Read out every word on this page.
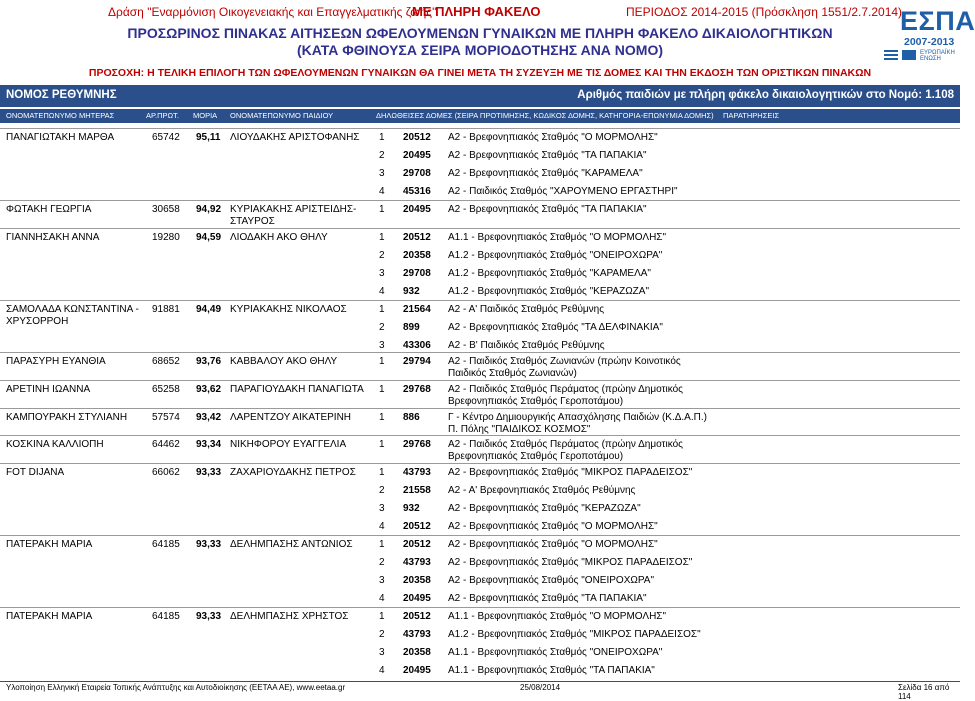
Δράση "Εναρμόνιση Οικογενειακής και Επαγγελματικής ζωής"
ΜΕ ΠΛΗΡΗ ΦΑΚΕΛΟ	ΠΕΡΙΟΔΟΣ 2014-2015 (Πρόσκληση 1551/2.7.2014)
ΠΡΟΣΩΡΙΝΟΣ ΠΙΝΑΚΑΣ ΑΙΤΗΣΕΩΝ ΩΦΕΛΟΥΜΕΝΩΝ ΓΥΝΑΙΚΩΝ ΜΕ ΠΛΗΡΗ ΦΑΚΕΛΟ ΔΙΚΑΙΟΛΟΓΗΤΙΚΩΝ
(ΚΑΤΑ ΦΘΙΝΟΥΣΑ ΣΕΙΡΑ ΜΟΡΙΟΔΟΤΗΣΗΣ ΑΝΑ ΝΟΜΟ)
ΠΡΟΣΟΧΗ: Η ΤΕΛΙΚΗ ΕΠΙΛΟΓΗ ΤΩΝ ΩΦΕΛΟΥΜΕΝΩΝ ΓΥΝΑΙΚΩΝ ΘΑ ΓΙΝΕΙ ΜΕΤΑ ΤΗ ΣΥΖΕΥΞΗ ΜΕ ΤΙΣ ΔΟΜΕΣ ΚΑΙ ΤΗΝ ΕΚΔΟΣΗ ΤΩΝ ΟΡΙΣΤΙΚΩΝ ΠΙΝΑΚΩΝ
ΕΣΠΑ
2007-2013
ΕΥΡΩΠΑΪΚΗ ΕΝΩΣΗ
ΝΟΜΟΣ ΡΕΘΥΜΝΗΣ	Αριθμός παιδιών με πλήρη φάκελο δικαιολογητικών στο Νομό: 1.108
ΟΝΟΜΑΤΕΠΩΝΥΜΟ ΜΗΤΕΡΑΣ	ΑΡ.ΠΡΩΤ. ΜΟΡΙΑ ΟΝΟΜΑΤΕΠΩΝΥΜΟ ΠΑΙΔΙΟΥ	ΔΗΛΩΘΕΙΣΕΣ ΔΟΜΕΣ (ΣΕΙΡΑ ΠΡΟΤΙΜΗΣΗΣ, ΚΩΔΙΚΟΣ ΔΟΜΗΣ, ΚΑΤΗΓΟΡΙΑ-ΕΠΩΝΥΜΙΑ ΔΟΜΗΣ) ΠΑΡΑΤΗΡΗΣΕΙΣ
ΠΑΝΑΓΙΩΤΑΚΗ ΜΑΡΘΑ	65742 95,11 ΛΙΟΥΔΑΚΗΣ ΑΡΙΣΤΟΦΑΝΗΣ	1 20512 Α2 - Βρεφονηπιακός Σταθμός "Ο ΜΟΡΜΟΛΗΣ"
2 20495 Α2 - Βρεφονηπιακός Σταθμός "ΤΑ ΠΑΠΑΚΙΑ"
3 29708 Α2 - Βρεφονηπιακός Σταθμός "ΚΑΡΑΜΕΛΑ"
4 45316 Α2 - Παιδικός Σταθμός "ΧΑΡΟΥΜΕΝΟ ΕΡΓΑΣΤΗΡΙ"
ΦΩΤΑΚΗ ΓΕΩΡΓΙΑ	30658 94,92 ΚΥΡΙΑΚΑΚΗΣ ΑΡΙΣΤΕΙΔΗΣ-ΣΤΑΥΡΟΣ
1 20495 Α2 - Βρεφονηπιακός Σταθμός "ΤΑ ΠΑΠΑΚΙΑ"
ΓΙΑΝΝΗΣΑΚΗ ΑΝΝΑ	19280 94,59 ΛΙΟΔΑΚΗ ΑΚΟ ΘΗΛΥ	1 20512 Α1.1 - Βρεφονηπιακός Σταθμός "Ο ΜΟΡΜΟΛΗΣ"
2 20358 Α1.2 - Βρεφονηπιακός Σταθμός "ΟΝΕΙΡΟΧΩΡΑ"
3 29708 Α1.2 - Βρεφονηπιακός Σταθμός "ΚΑΡΑΜΕΛΑ"
4 932	Α1.2 - Βρεφονηπιακός Σταθμός "ΚΕΡΑΖΩΖΑ"
ΣΑΜΟΛΑΔΑ ΚΩΝΣΤΑΝΤΙΝΑ - ΧΡΥΣΟΡΡΟΗ
91881 94,49 ΚΥΡΙΑΚΑΚΗΣ ΝΙΚΟΛΑΟΣ	1 21564 Α2 - Α' Παιδικός Σταθμός Ρεθύμνης
2 899	Α2 - Βρεφονηπιακός Σταθμός "ΤΑ ΔΕΛΦΙΝΑΚΙΑ"
3 43306 Α2 - Β' Παιδικός Σταθμός Ρεθύμνης
ΠΑΡΑΣΥΡΗ ΕΥΑΝΘΙΑ	68652 93,76 ΚΑΒΒΑΛΟΥ ΑΚΟ ΘΗΛΥ	1 29794 Α2 - Παιδικός Σταθμός Ζωνιανών (πρώην Κοινοτικός Παιδικός Σταθμός Ζωνιανών)
ΑΡΕΤΙΝΗ ΙΩΑΝΝΑ	65258 93,62 ΠΑΡΑΓΙΟΥΔΑΚΗ ΠΑΝΑΓΙΩΤΑ	1 29768 Α2 - Παιδικός Σταθμός Περάματος (πρώην Δημοτικός Βρεφονηπιακός Σταθμός Γεροποτάμου)
ΚΑΜΠΟΥΡΑΚΗ ΣΤΥΛΙΑΝΗ	57574 93,42 ΛΑΡΕΝΤΖΟΥ ΑΙΚΑΤΕΡΙΝΗ	1 886	Γ - Κέντρο Δημιουργικής Απασχόλησης Παιδιών (Κ.Δ.Α.Π.) Π. Πόλης "ΠΑΙΔΙΚΟΣ ΚΟΣΜΟΣ"
ΚΟΣΚΙΝΑ ΚΑΛΛΙΟΠΗ	64462 93,34 ΝΙΚΗΦΟΡΟΥ ΕΥΑΓΓΕΛΙΑ	1 29768 Α2 - Παιδικός Σταθμός Περάματος (πρώην Δημοτικός Βρεφονηπιακός Σταθμός Γεροποτάμου)
FOT DIJANA	66062 93,33 ΖΑΧΑΡΙΟΥΔΑΚΗΣ ΠΕΤΡΟΣ	1 43793 Α2 - Βρεφονηπιακός Σταθμός "ΜΙΚΡΟΣ ΠΑΡΑΔΕΙΣΟΣ"
2 21558 Α2 - Α' Βρεφονηπιακός Σταθμός Ρεθύμνης
3 932	Α2 - Βρεφονηπιακός Σταθμός "ΚΕΡΑΖΩΖΑ"
4 20512 Α2 - Βρεφονηπιακός Σταθμός "Ο ΜΟΡΜΟΛΗΣ"
ΠΑΤΕΡΑΚΗ ΜΑΡΙΑ	64185 93,33 ΔΕΛΗΜΠΑΣΗΣ ΑΝΤΩΝΙΟΣ	1 20512 Α2 - Βρεφονηπιακός Σταθμός "Ο ΜΟΡΜΟΛΗΣ"
2 43793 Α2 - Βρεφονηπιακός Σταθμός "ΜΙΚΡΟΣ ΠΑΡΑΔΕΙΣΟΣ"
3 20358 Α2 - Βρεφονηπιακός Σταθμός "ΟΝΕΙΡΟΧΩΡΑ"
4 20495 Α2 - Βρεφονηπιακός Σταθμός "ΤΑ ΠΑΠΑΚΙΑ"
ΠΑΤΕΡΑΚΗ ΜΑΡΙΑ	64185 93,33 ΔΕΛΗΜΠΑΣΗΣ ΧΡΗΣΤΟΣ	1 20512 Α1.1 - Βρεφονηπιακός Σταθμός "Ο ΜΟΡΜΟΛΗΣ"
2 43793 Α1.2 - Βρεφονηπιακός Σταθμός "ΜΙΚΡΟΣ ΠΑΡΑΔΕΙΣΟΣ"
3 20358 Α1.1 - Βρεφονηπιακός Σταθμός "ΟΝΕΙΡΟΧΩΡΑ"
4 20495 Α1.1 - Βρεφονηπιακός Σταθμός "ΤΑ ΠΑΠΑΚΙΑ"
Υλοποίηση Ελληνική Εταιρεία Τοπικής Ανάπτυξης και Αυτοδιοίκησης (ΕΕΤΑΑ ΑΕ), www.eetaa.gr	25/08/2014	Σελίδα 16 από 114
